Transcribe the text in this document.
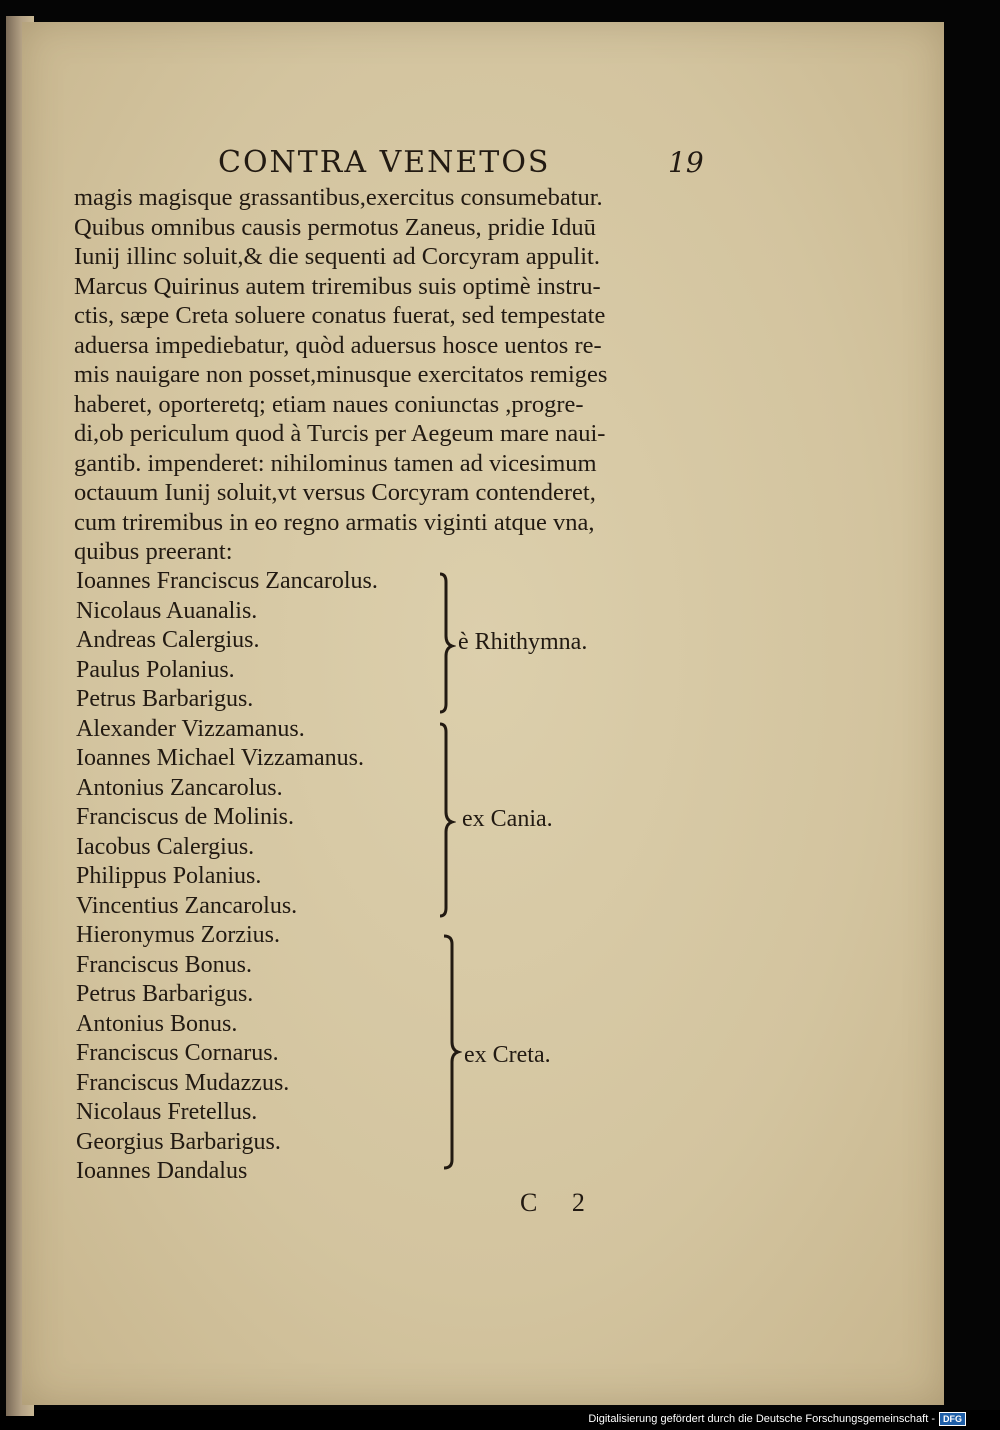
CONTRA VENETOS	19
magis magisque grassantibus,exercitus consumebatur.
Quibus omnibus causis permotus Zaneus, pridie Iduū
Iunij illinc soluit,& die sequenti ad Corcyram appulit.
Marcus Quirinus autem triremibus suis optimè instru-
ctis, sæpe Creta soluere conatus fuerat, sed tempestate
aduersa impediebatur, quòd aduersus hosce uentos re-
mis nauigare non posset,minusque exercitatos remiges
haberet, oporteretq; etiam naues coniunctas ,progre-
di,ob periculum quod à Turcis per Aegeum mare naui-
gantib. impenderet: nihilominus tamen ad vicesimum
octauum Iunij soluit,vt versus Corcyram contenderet,
cum triremibus in eo regno armatis viginti atque vna,
quibus preerant:
Ioannes Franciscus Zancarolus.
Nicolaus Auanalis.
Andreas Calergius.
Paulus Polanius.
Petrus Barbarigus.
Alexander Vizzamanus.
Ioannes Michael Vizzamanus.
Antonius Zancarolus.
Franciscus de Molinis.
Iacobus Calergius.
Philippus Polanius.
Vincentius Zancarolus.
Hieronymus Zorzius.
Franciscus Bonus.
Petrus Barbarigus.
Antonius Bonus.
Franciscus Cornarus.
Franciscus Mudazzus.
Nicolaus Fretellus.
Georgius Barbarigus.
Ioannes Dandalus
è Rhithymna.
ex Cania.
ex Creta.
C 2
Digitalisierung gefördert durch die Deutsche Forschungsgemeinschaft - DFG
